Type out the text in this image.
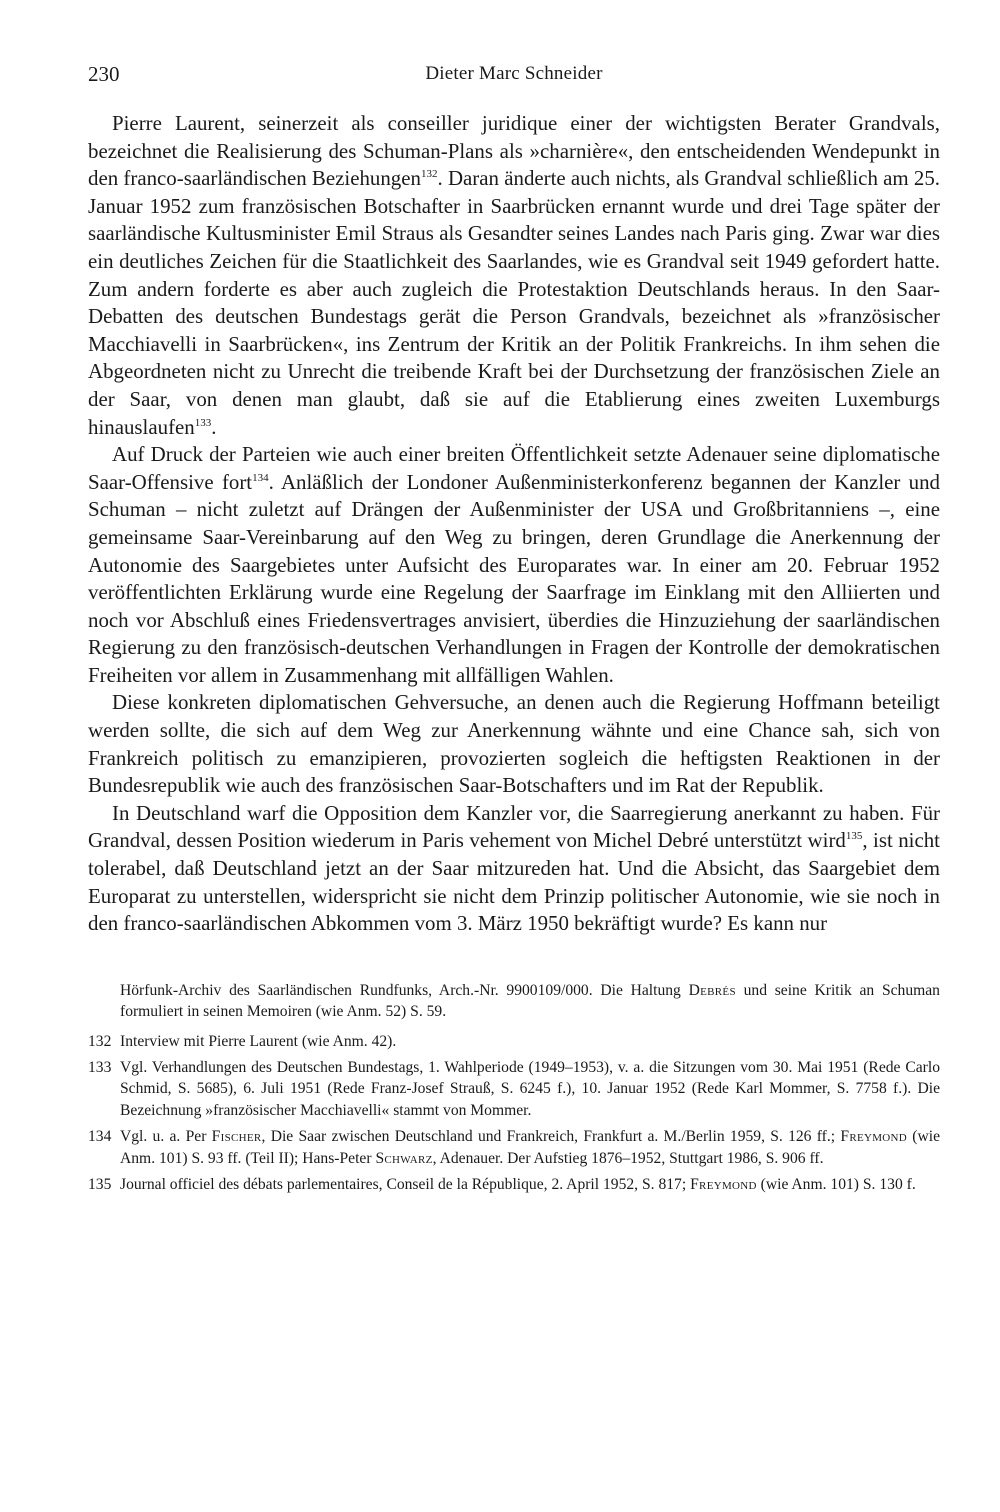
230	Dieter Marc Schneider

Pierre Laurent, seinerzeit als conseiller juridique einer der wichtigsten Berater Grandvals, bezeichnet die Realisierung des Schuman-Plans als »charnière«, den entscheidenden Wendepunkt in den franco-saarländischen Beziehungen$^{132}$. Daran änderte auch nichts, als Grandval schließlich am 25. Januar 1952 zum französischen Botschafter in Saarbrücken ernannt wurde und drei Tage später der saarländische Kultusminister Emil Straus als Gesandter seines Landes nach Paris ging. Zwar war dies ein deutliches Zeichen für die Staatlichkeit des Saarlandes, wie es Grandval seit 1949 gefordert hatte. Zum andern forderte es aber auch zugleich die Protestaktion Deutschlands heraus. In den Saar-Debatten des deutschen Bundestags gerät die Person Grandvals, bezeichnet als »französischer Macchiavelli in Saarbrücken«, ins Zentrum der Kritik an der Politik Frankreichs. In ihm sehen die Abgeordneten nicht zu Unrecht die treibende Kraft bei der Durchsetzung der französischen Ziele an der Saar, von denen man glaubt, daß sie auf die Etablierung eines zweiten Luxemburgs hinauslaufen$^{133}$.

Auf Druck der Parteien wie auch einer breiten Öffentlichkeit setzte Adenauer seine diplomatische Saar-Offensive fort$^{134}$. Anläßlich der Londoner Außenministerkonferenz begannen der Kanzler und Schuman – nicht zuletzt auf Drängen der Außenminister der USA und Großbritanniens –, eine gemeinsame Saar-Vereinbarung auf den Weg zu bringen, deren Grundlage die Anerkennung der Autonomie des Saargebietes unter Aufsicht des Europarates war. In einer am 20. Februar 1952 veröffentlichten Erklärung wurde eine Regelung der Saarfrage im Einklang mit den Alliierten und noch vor Abschluß eines Friedensvertrages anvisiert, überdies die Hinzuziehung der saarländischen Regierung zu den französisch-deutschen Verhandlungen in Fragen der Kontrolle der demokratischen Freiheiten vor allem in Zusammenhang mit allfälligen Wahlen.

Diese konkreten diplomatischen Gehversuche, an denen auch die Regierung Hoffmann beteiligt werden sollte, die sich auf dem Weg zur Anerkennung wähnte und eine Chance sah, sich von Frankreich politisch zu emanzipieren, provozierten sogleich die heftigsten Reaktionen in der Bundesrepublik wie auch des französischen Saar-Botschafters und im Rat der Republik.

In Deutschland warf die Opposition dem Kanzler vor, die Saarregierung anerkannt zu haben. Für Grandval, dessen Position wiederum in Paris vehement von Michel Debré unterstützt wird$^{135}$, ist nicht tolerabel, daß Deutschland jetzt an der Saar mitzureden hat. Und die Absicht, das Saargebiet dem Europarat zu unterstellen, widerspricht sie nicht dem Prinzip politischer Autonomie, wie sie noch in den franco-saarländischen Abkommen vom 3. März 1950 bekräftigt wurde? Es kann nur

Hörfunk-Archiv des Saarländischen Rundfunks, Arch.-Nr. 9900109/000. Die Haltung Debrés und seine Kritik an Schuman formuliert in seinen Memoiren (wie Anm. 52) S. 59.
132 Interview mit Pierre Laurent (wie Anm. 42).
133 Vgl. Verhandlungen des Deutschen Bundestags, 1. Wahlperiode (1949–1953), v. a. die Sitzungen vom 30. Mai 1951 (Rede Carlo Schmid, S. 5685), 6. Juli 1951 (Rede Franz-Josef Strauß, S. 6245 f.), 10. Januar 1952 (Rede Karl Mommer, S. 7758 f.). Die Bezeichnung »französischer Macchiavelli« stammt von Mommer.
134 Vgl. u. a. Per Fischer, Die Saar zwischen Deutschland und Frankreich, Frankfurt a. M./Berlin 1959, S. 126 ff.; Freymond (wie Anm. 101) S. 93 ff. (Teil II); Hans-Peter Schwarz, Adenauer. Der Aufstieg 1876–1952, Stuttgart 1986, S. 906 ff.
135 Journal officiel des débats parlementaires, Conseil de la République, 2. April 1952, S. 817; Freymond (wie Anm. 101) S. 130 f.
